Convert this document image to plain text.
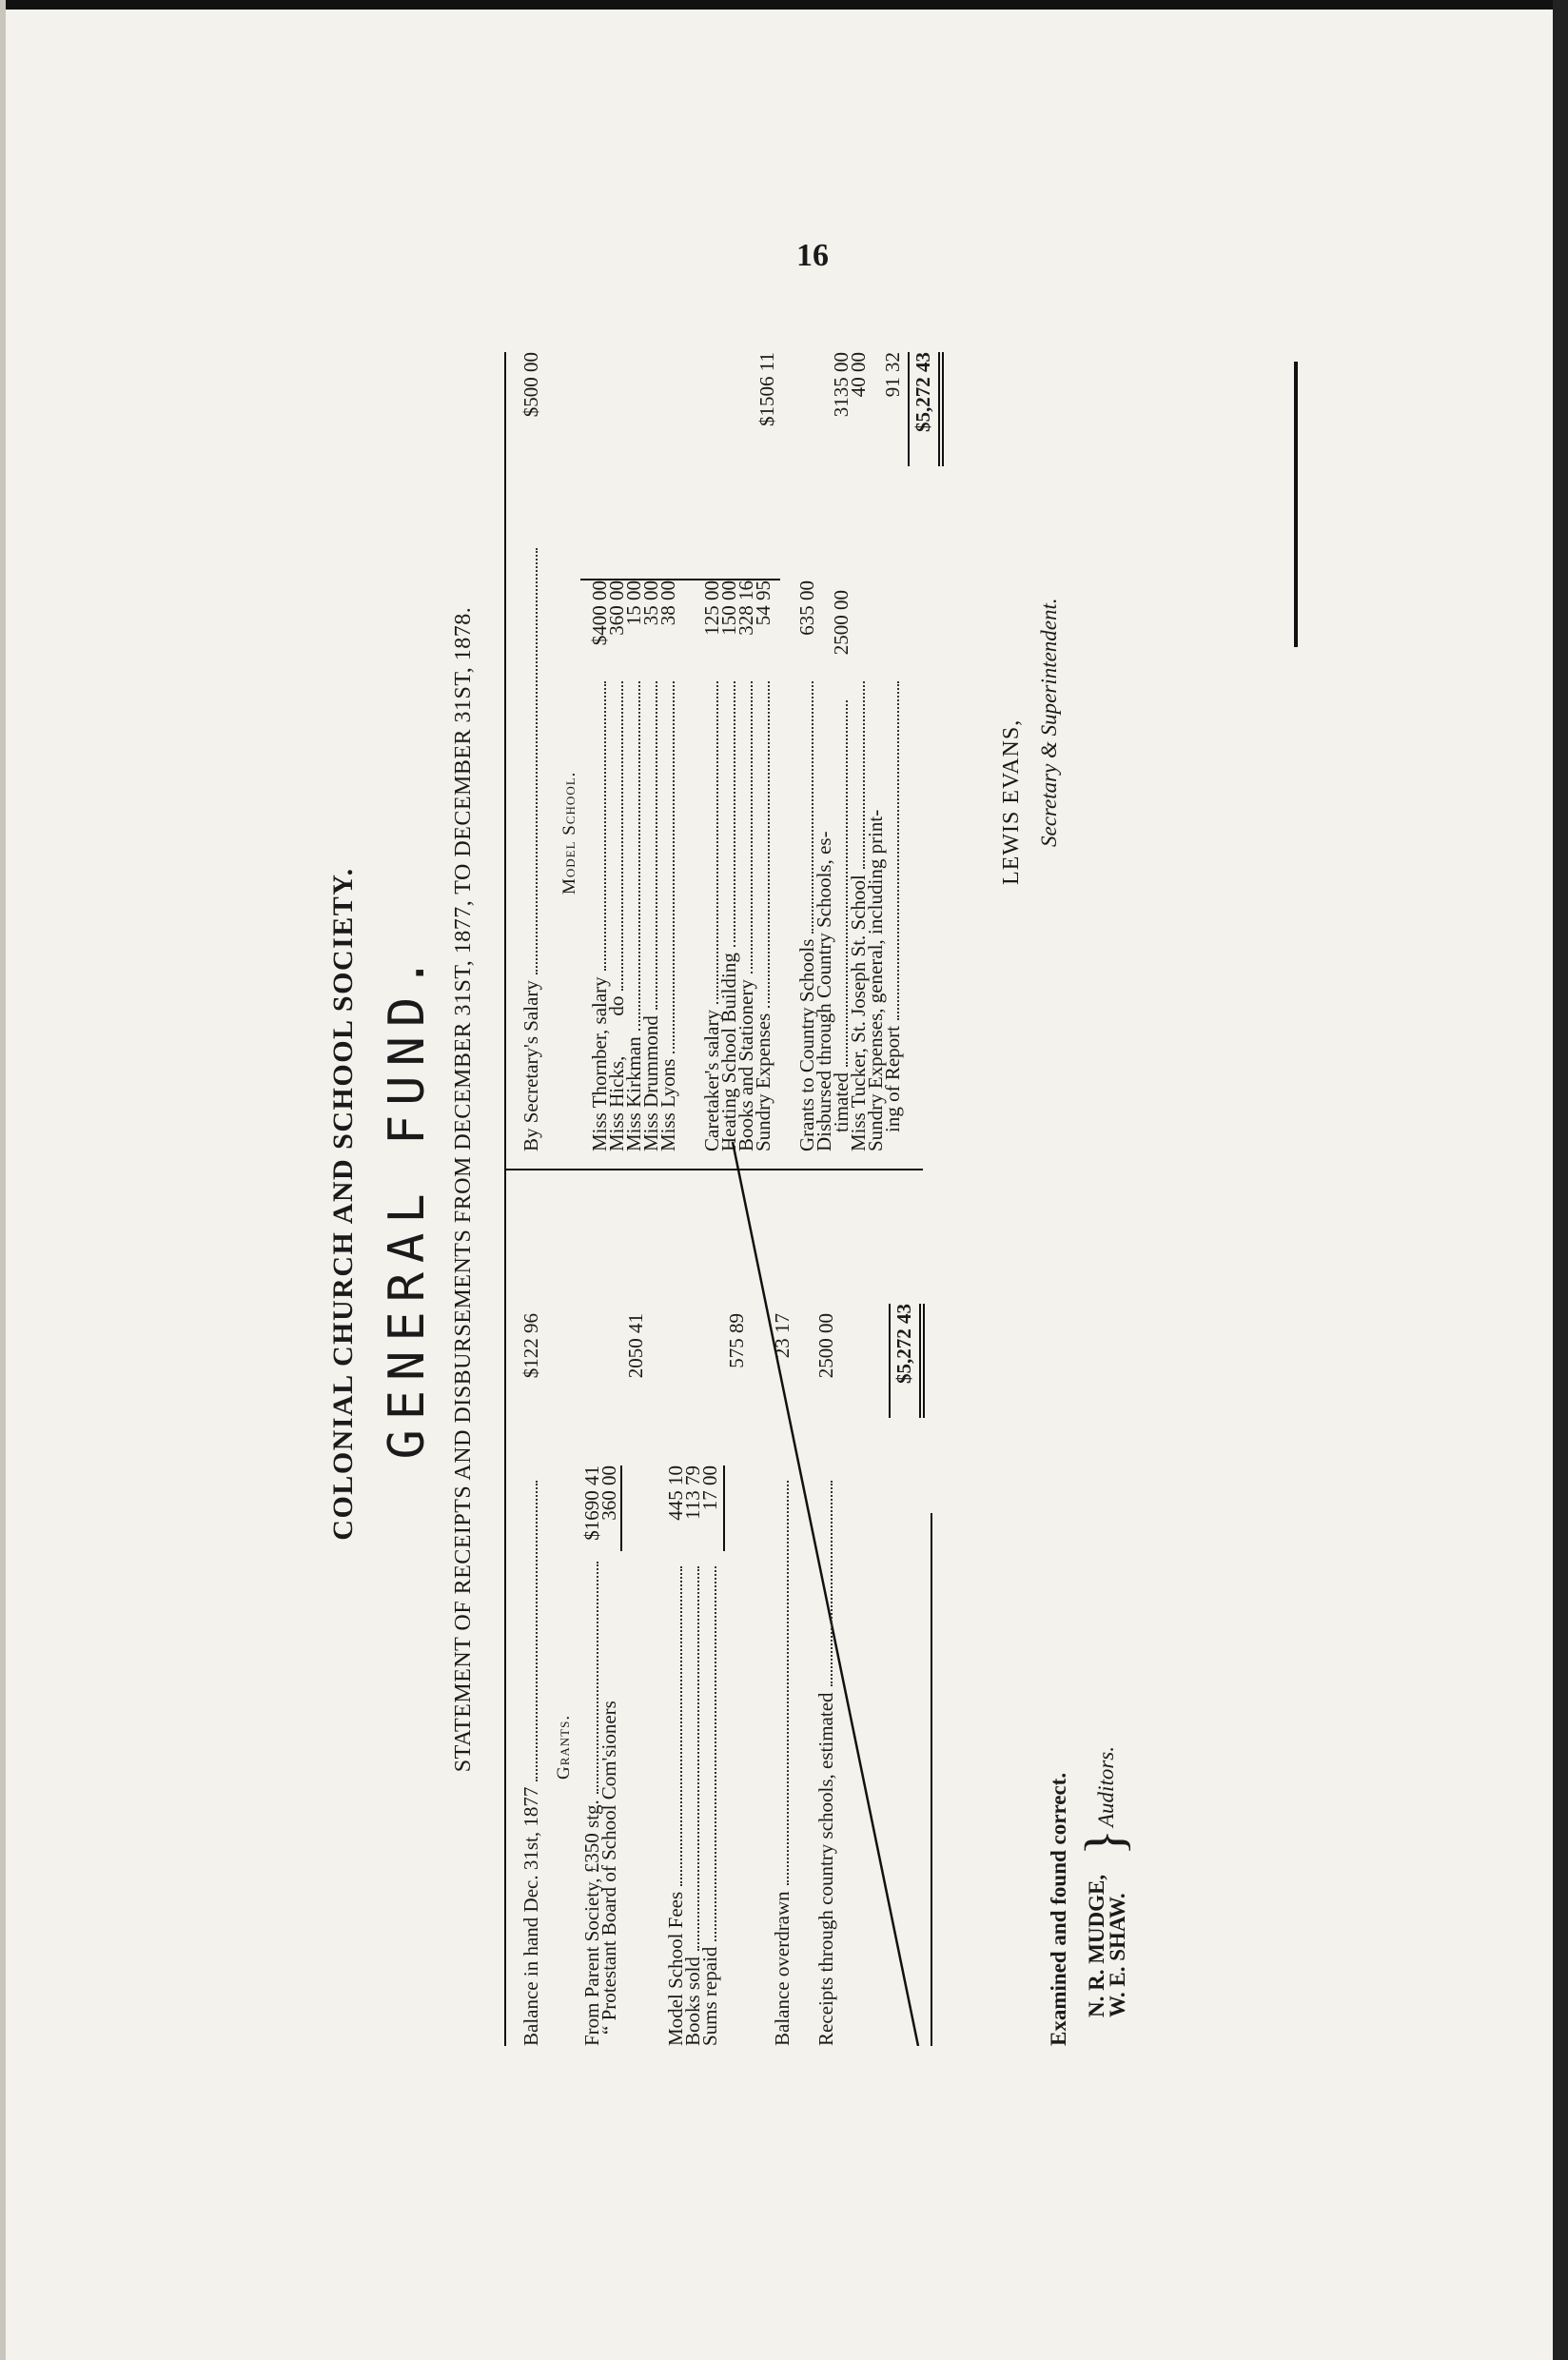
16
COLONIAL CHURCH AND SCHOOL SOCIETY. GENERAL FUND. STATEMENT OF RECEIPTS AND DISBURSEMENTS FROM DECEMBER 31ST, 1877, TO DECEMBER 31ST, 1878.
Balance in hand Dec. 31st, 1877
$122 96
Grants.
From Parent Society, £350 stg.
$1690 41
“ Protestant Board of School Com'sioners
360 00
2050 41
Model School Fees
445 10
Books sold
113 79
Sums repaid
17 00
575 89
Balance overdrawn
23 17
Receipts through country schools, estimated
2500 00	$5,272 43
By Secretary's Salary
$500 00
Model School.
Miss Thornber, salary
$400 00
Miss Hicks,        do
360 00
Miss Kirkman
15 00
Miss Drummond
35 00
Miss Lyons
38 00
Caretaker's salary
125 00
Heating School Building
150 00
Books and Stationery
328 16
Sundry Expenses
54 95
$1506 11
Grants to Country Schools
635 00
Disbursed through Country Schools, es-
timated
2500 00
3135 00
Miss Tucker, St. Joseph St. School
40 00
Sundry Expenses, general, including print-
ing of Report
91 32 $5,272 43
Examined and found correct. N. R. MUDGE,
W. E. SHAW.
}
Auditors.
LEWIS EVANS, Secretary & Superintendent.
